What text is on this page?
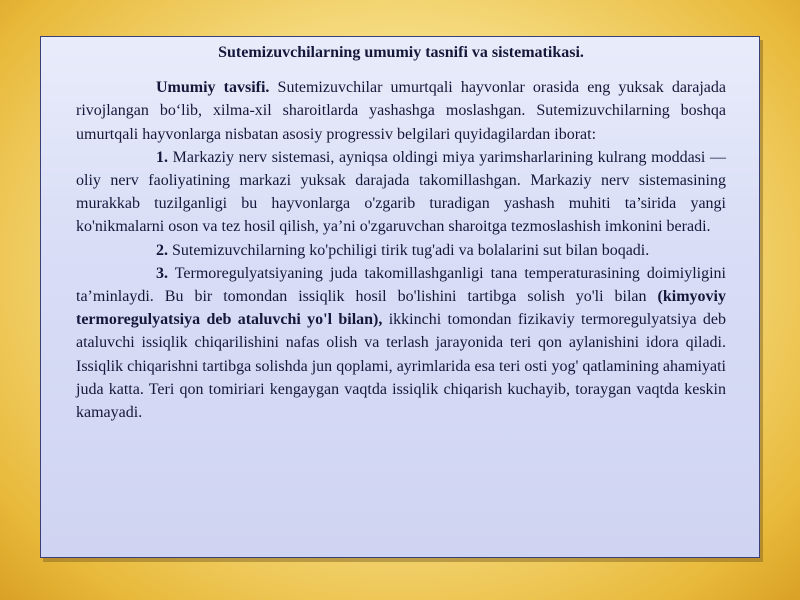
Sutemizuvchilarning umumiy tasnifi va sistematikasi.

Umumiy tavsifi. Sutemizuvchilar umurtqali hayvonlar orasida eng yuksak darajada rivojlangan bo‘lib, xilma-xil sharoitlarda yashashga moslashgan. Sutemizuvchilarning boshqa umurtqali hayvonlarga nisbatan asosiy progressiv belgilari quyidagilardan iborat:

1. Markaziy nerv sistemasi, ayniqsa oldingi miya yarimsharlarining kulrang moddasi — oliy nerv faoliyatining markazi yuksak darajada takomillashgan. Markaziy nerv sistemasining murakkab tuzilganligi bu hayvonlarga o'zgarib turadigan yashash muhiti ta’sirida yangi ko'nikmalarni oson va tez hosil qilish, ya’ni o'zgaruvchan sharoitga tezmoslashish imkonini beradi.

2. Sutemizuvchilarning ko'pchiligi tirik tug'adi va bolalarini sut bilan boqadi.

3. Termoregulyatsiyaning juda takomillashganligi tana temperaturasining doimiyligini ta’minlaydi. Bu bir tomondan issiqlik hosil bo'lishini tartibga solish yo'li bilan (kimyoviy termoregulyatsiya deb ataluvchi yo'l bilan), ikkinchi tomondan fizikaviy termoregulyatsiya deb ataluvchi issiqlik chiqarilishini nafas olish va terlash jarayonida teri qon aylanishini idora qiladi. Issiqlik chiqarishni tartibga solishda jun qoplami, ayrimlarida esa teri osti yog' qatlamining ahamiyati juda katta. Teri qon tomiriari kengaygan vaqtda issiqlik chiqarish kuchayib, toraygan vaqtda keskin kamayadi.
